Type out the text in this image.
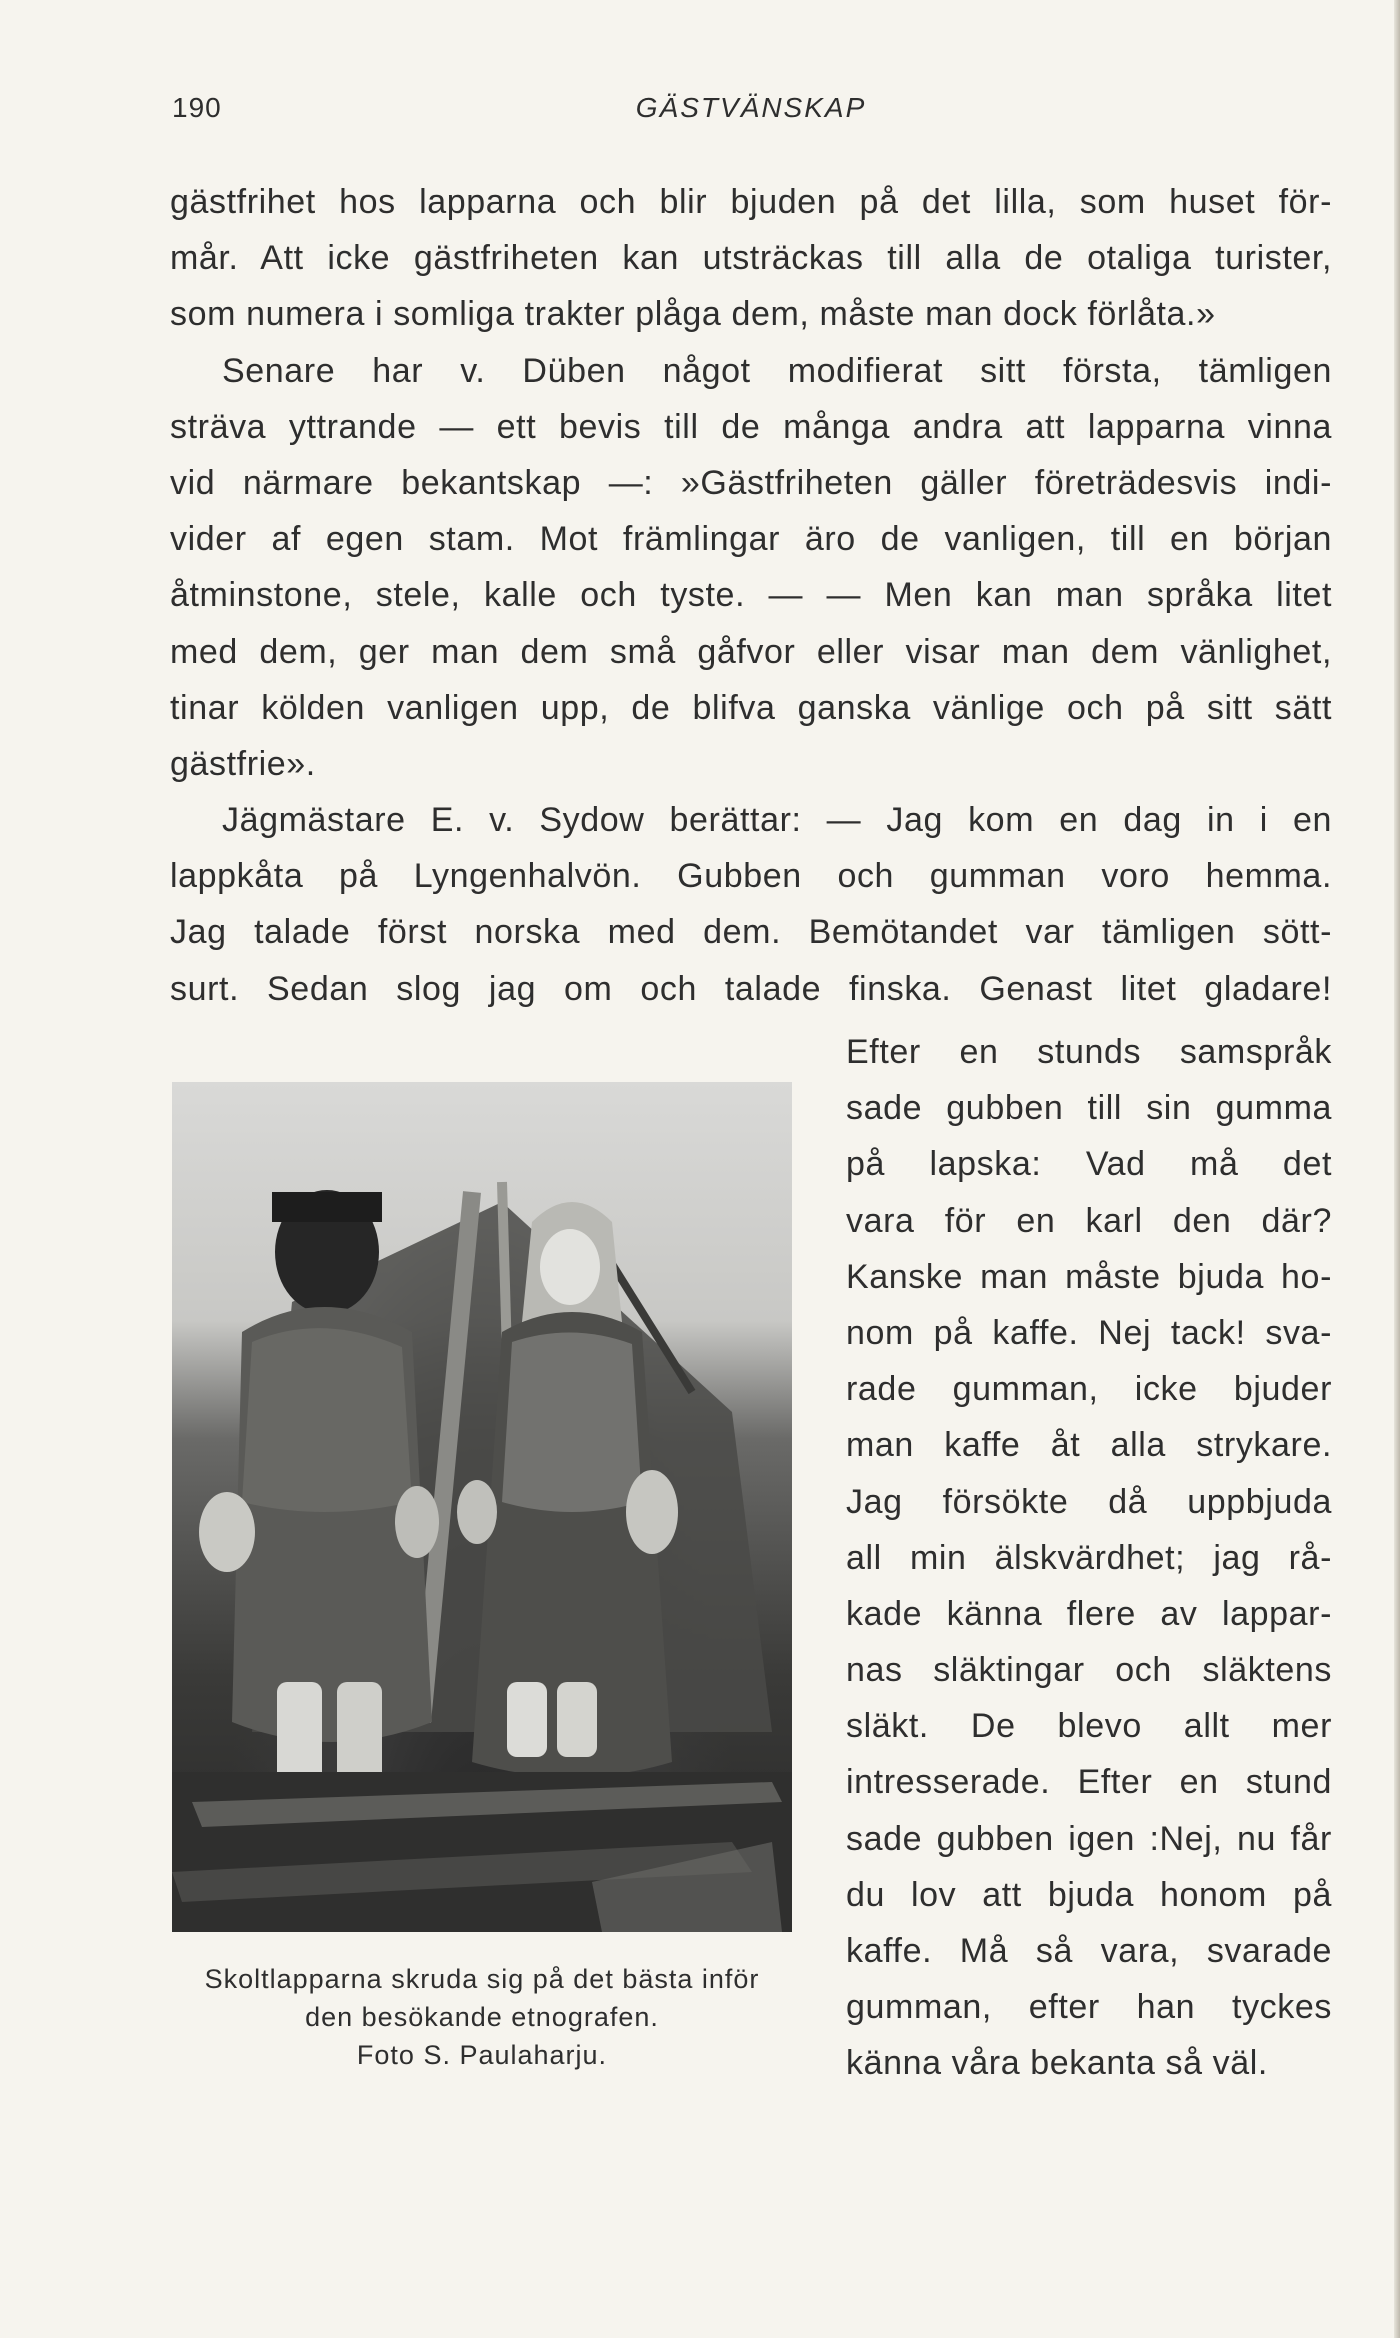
190	GÄSTVÄNSKAP
gästfrihet hos lapparna och blir bjuden på det lilla, som huset för-
mår. Att icke gästfriheten kan utsträckas till alla de otaliga turister,
som numera i somliga trakter plåga dem, måste man dock förlåta.»
Senare har v. Düben något modifierat sitt första, tämligen
sträva yttrande — ett bevis till de många andra att lapparna vinna
vid närmare bekantskap —: »Gästfriheten gäller företrädesvis indi-
vider af egen stam. Mot främlingar äro de vanligen, till en början
åtminstone, stele, kalle och tyste. — — Men kan man språka litet
med dem, ger man dem små gåfvor eller visar man dem vänlighet,
tinar kölden vanligen upp, de blifva ganska vänlige och på sitt sätt
gästfrie».
Jägmästare E. v. Sydow berättar: — Jag kom en dag in i en
lappkåta på Lyngenhalvön. Gubben och gumman voro hemma.
Jag talade först norska med dem. Bemötandet var tämligen sött-
surt. Sedan slog jag om och talade finska. Genast litet gladare!
Efter en stunds samspråk
sade gubben till sin gumma
på lapska: Vad må det
vara för en karl den där?
Kanske man måste bjuda ho-
nom på kaffe. Nej tack! sva-
rade gumman, icke bjuder
man kaffe åt alla strykare.
Jag försökte då uppbjuda
all min älskvärdhet; jag rå-
kade känna flere av lappar-
nas släktingar och släktens
släkt. De blevo allt mer
intresserade. Efter en stund
sade gubben igen :Nej, nu får
du lov att bjuda honom på
kaffe. Må så vara, svarade
gumman, efter han tyckes
känna våra bekanta så väl.
Skoltlapparna skruda sig på det bästa inför
den besökande etnografen.
Foto S. Paulaharju.
